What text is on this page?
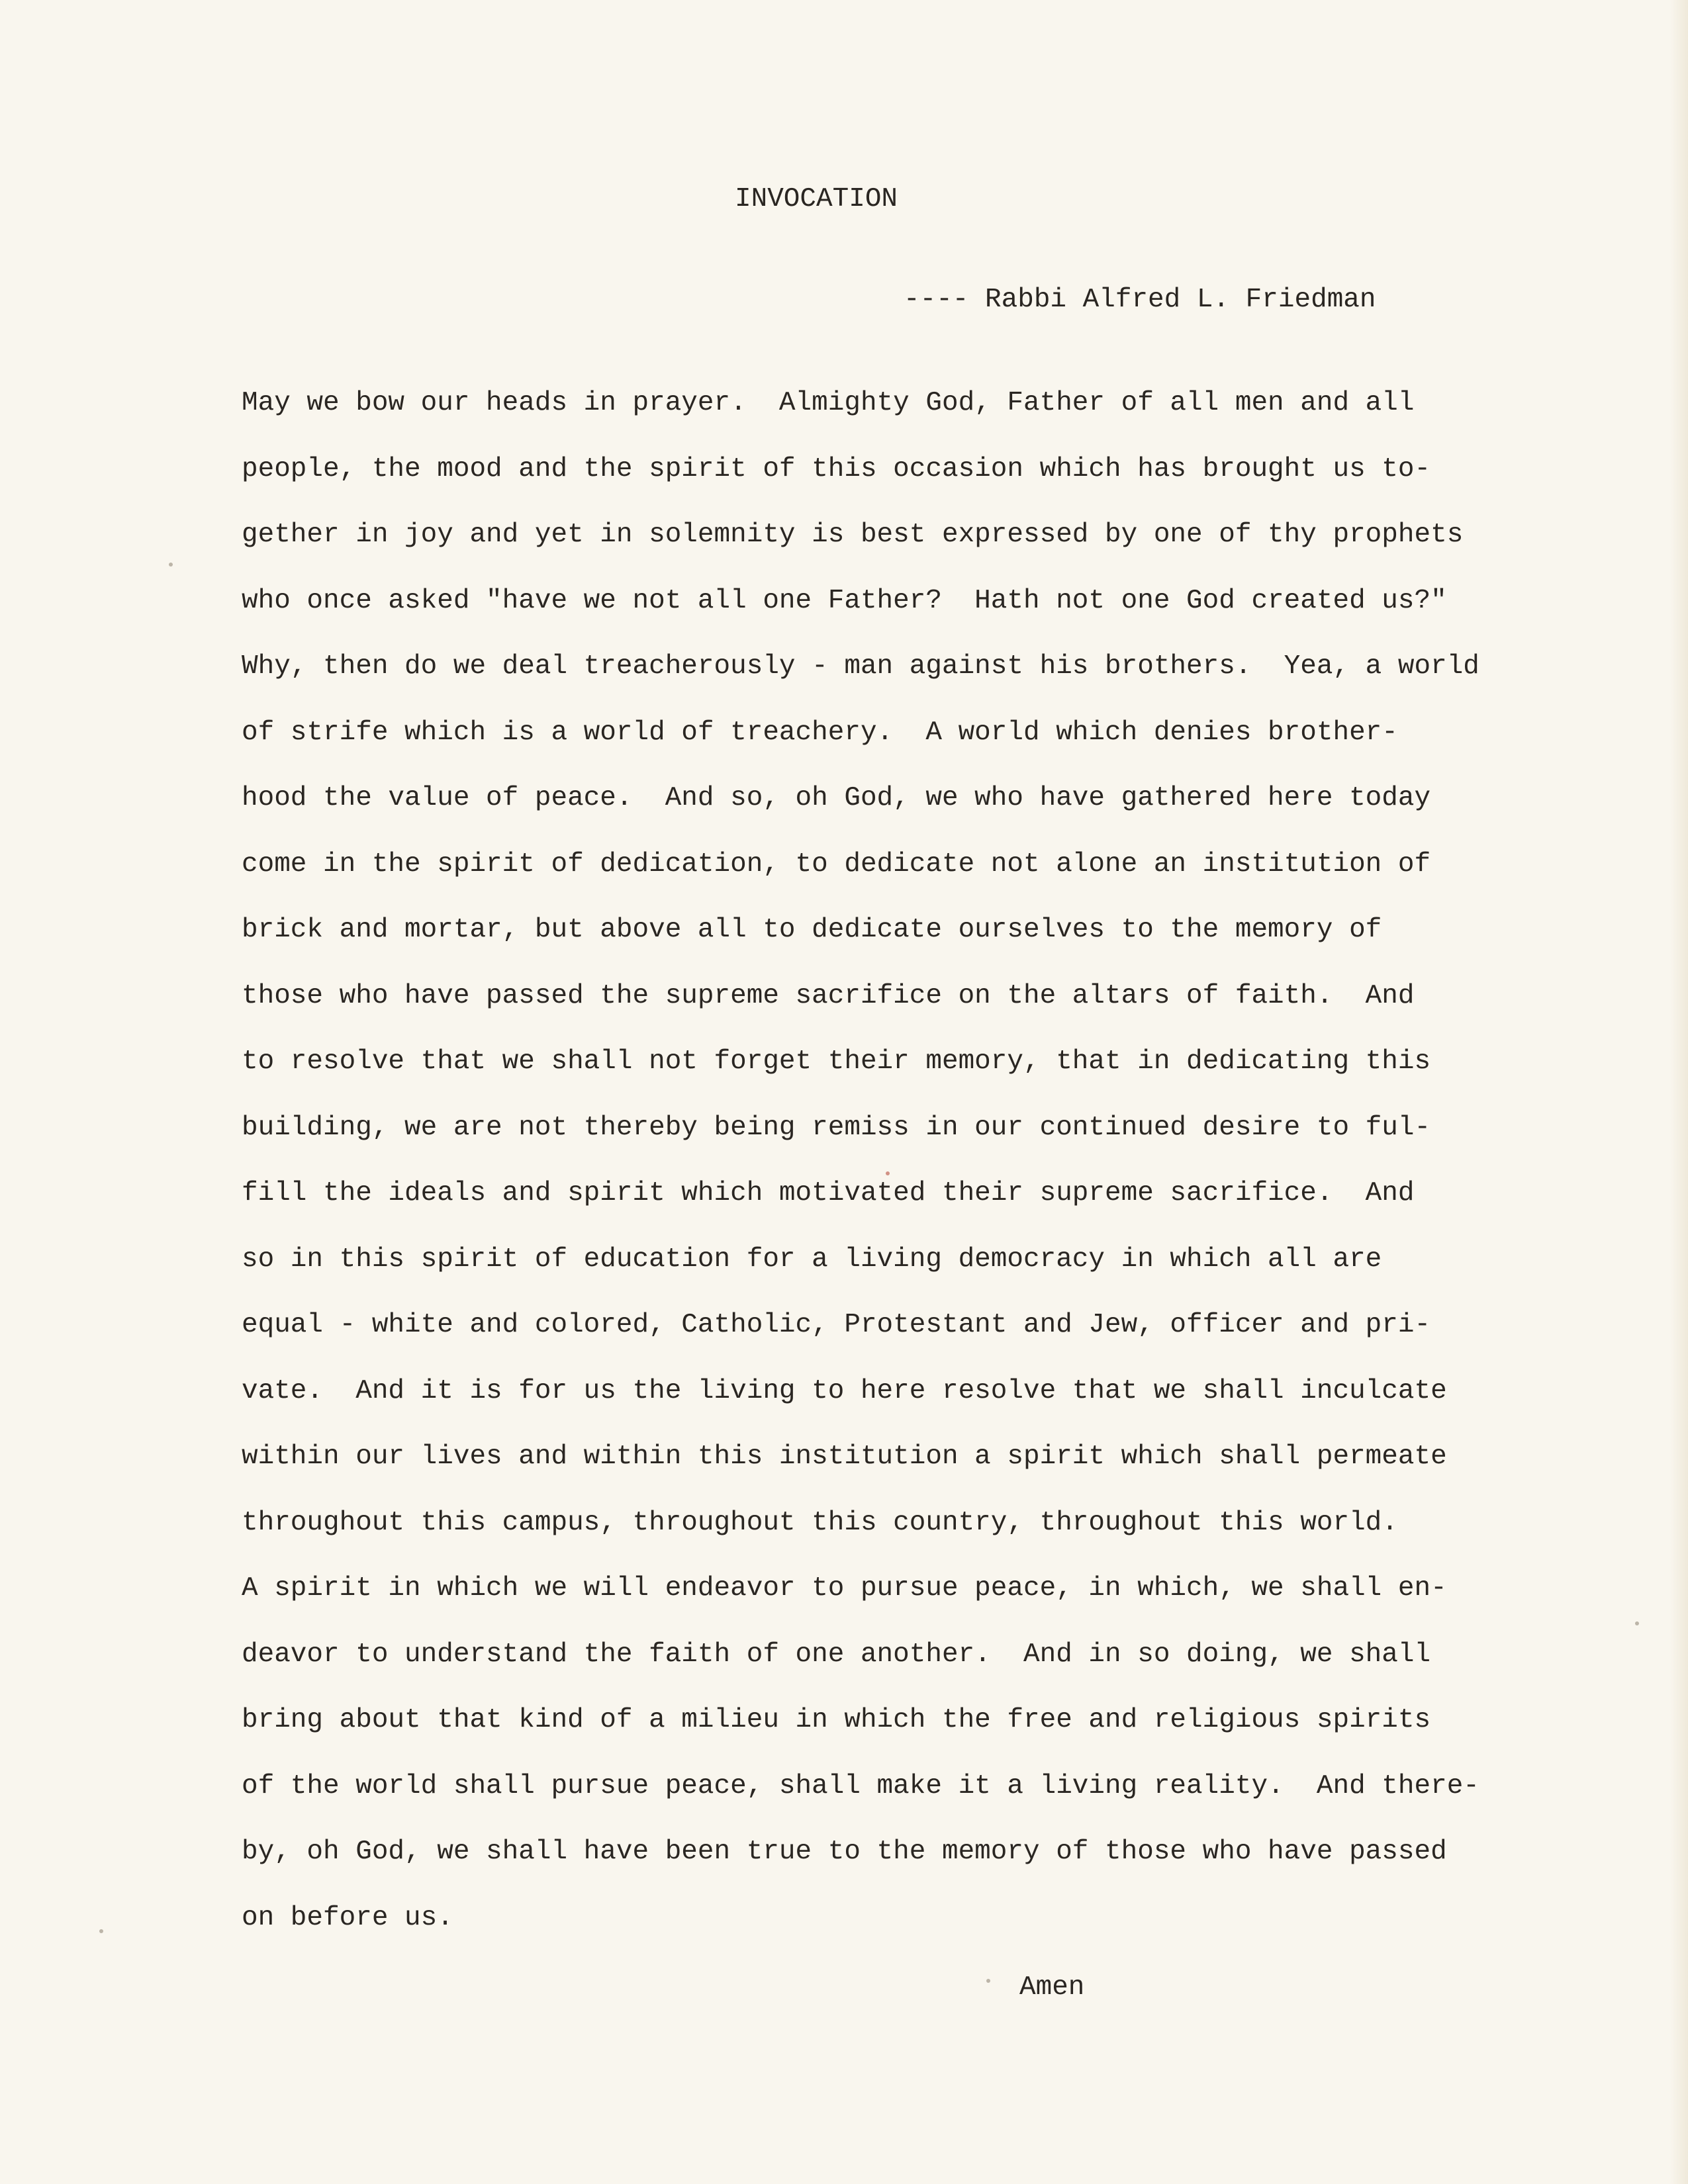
INVOCATION
---- Rabbi Alfred L. Friedman
May we bow our heads in prayer.  Almighty God, Father of all men and all
people, the mood and the spirit of this occasion which has brought us to-
gether in joy and yet in solemnity is best expressed by one of thy prophets
who once asked "have we not all one Father?  Hath not one God created us?"
Why, then do we deal treacherously - man against his brothers.  Yea, a world
of strife which is a world of treachery.  A world which denies brother-
hood the value of peace.  And so, oh God, we who have gathered here today
come in the spirit of dedication, to dedicate not alone an institution of
brick and mortar, but above all to dedicate ourselves to the memory of
those who have passed the supreme sacrifice on the altars of faith.  And
to resolve that we shall not forget their memory, that in dedicating this
building, we are not thereby being remiss in our continued desire to ful-
fill the ideals and spirit which motivated their supreme sacrifice.  And
so in this spirit of education for a living democracy in which all are
equal - white and colored, Catholic, Protestant and Jew, officer and pri-
vate.  And it is for us the living to here resolve that we shall inculcate
within our lives and within this institution a spirit which shall permeate
throughout this campus, throughout this country, throughout this world.
A spirit in which we will endeavor to pursue peace, in which, we shall en-
deavor to understand the faith of one another.  And in so doing, we shall
bring about that kind of a milieu in which the free and religious spirits
of the world shall pursue peace, shall make it a living reality.  And there-
by, oh God, we shall have been true to the memory of those who have passed
on before us.
Amen
